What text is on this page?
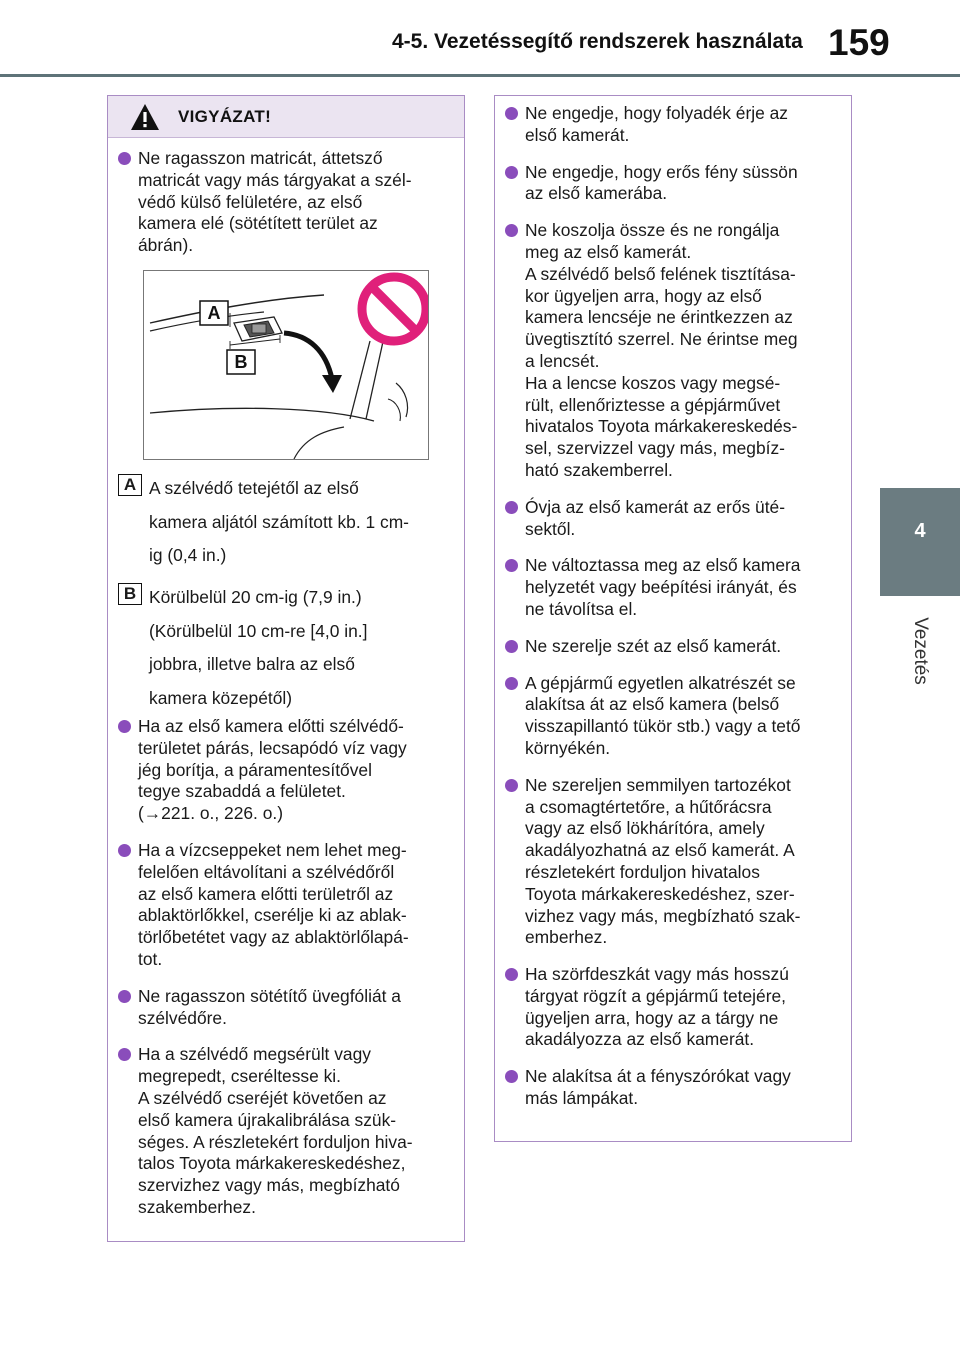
4-5. Vezetéssegítő rendszerek használata 159
4
Vezetés
VIGYÁZAT!

Ne ragasszon matricát, áttetsző
matricát vagy más tárgyakat a szél-
védő külső felületére, az első
kamera elé (sötétített terület az
ábrán).

A
B
A A szélvédő tetejétől az első
kamera aljától számított kb. 1 cm-
ig (0,4 in.)
B Körülbelül 20 cm-ig (7,9 in.)
(Körülbelül 10 cm-re [4,0 in.]
jobbra, illetve balra az első
kamera közepétől)

Ha az első kamera előtti szélvédő-
területet párás, lecsapódó víz vagy
jég borítja, a páramentesítővel
tegye szabaddá a felületet.
(→221. o., 226. o.)

Ha a vízcseppeket nem lehet meg-
felelően eltávolítani a szélvédőről
az első kamera előtti területről az
ablaktörlőkkel, cserélje ki az ablak-
törlőbetétet vagy az ablaktörlőlapá-
tot.

Ne ragasszon sötétítő üvegfóliát a
szélvédőre.

Ha a szélvédő megsérült vagy
megrepedt, cseréltesse ki.
A szélvédő cseréjét követően az
első kamera újrakalibrálása szük-
séges. A részletekért forduljon hiva-
talos Toyota márkakereskedéshez,
szervizhez vagy más, megbízható
szakemberhez.

Ne engedje, hogy folyadék érje az
első kamerát.

Ne engedje, hogy erős fény süssön
az első kamerába.

Ne koszolja össze és ne rongálja
meg az első kamerát.
A szélvédő belső felének tisztítása-
kor ügyeljen arra, hogy az első
kamera lencséje ne érintkezzen az
üvegtisztító szerrel. Ne érintse meg
a lencsét.
Ha a lencse koszos vagy megsé-
rült, ellenőriztesse a gépjárművet
hivatalos Toyota márkakereskedés-
sel, szervizzel vagy más, megbíz-
ható szakemberrel.

Óvja az első kamerát az erős üté-
sektől.

Ne változtassa meg az első kamera
helyzetét vagy beépítési irányát, és
ne távolítsa el.

Ne szerelje szét az első kamerát.

A gépjármű egyetlen alkatrészét se
alakítsa át az első kamera (belső
visszapillantó tükör stb.) vagy a tető
környékén.

Ne szereljen semmilyen tartozékot
a csomagtértetőre, a hűtőrácsra
vagy az első lökhárítóra, amely
akadályozhatná az első kamerát. A
részletekért forduljon hivatalos
Toyota márkakereskedéshez, szer-
vizhez vagy más, megbízható szak-
emberhez.

Ha szörfdeszkát vagy más hosszú
tárgyat rögzít a gépjármű tetejére,
ügyeljen arra, hogy az a tárgy ne
akadályozza az első kamerát.

Ne alakítsa át a fényszórókat vagy
más lámpákat.
